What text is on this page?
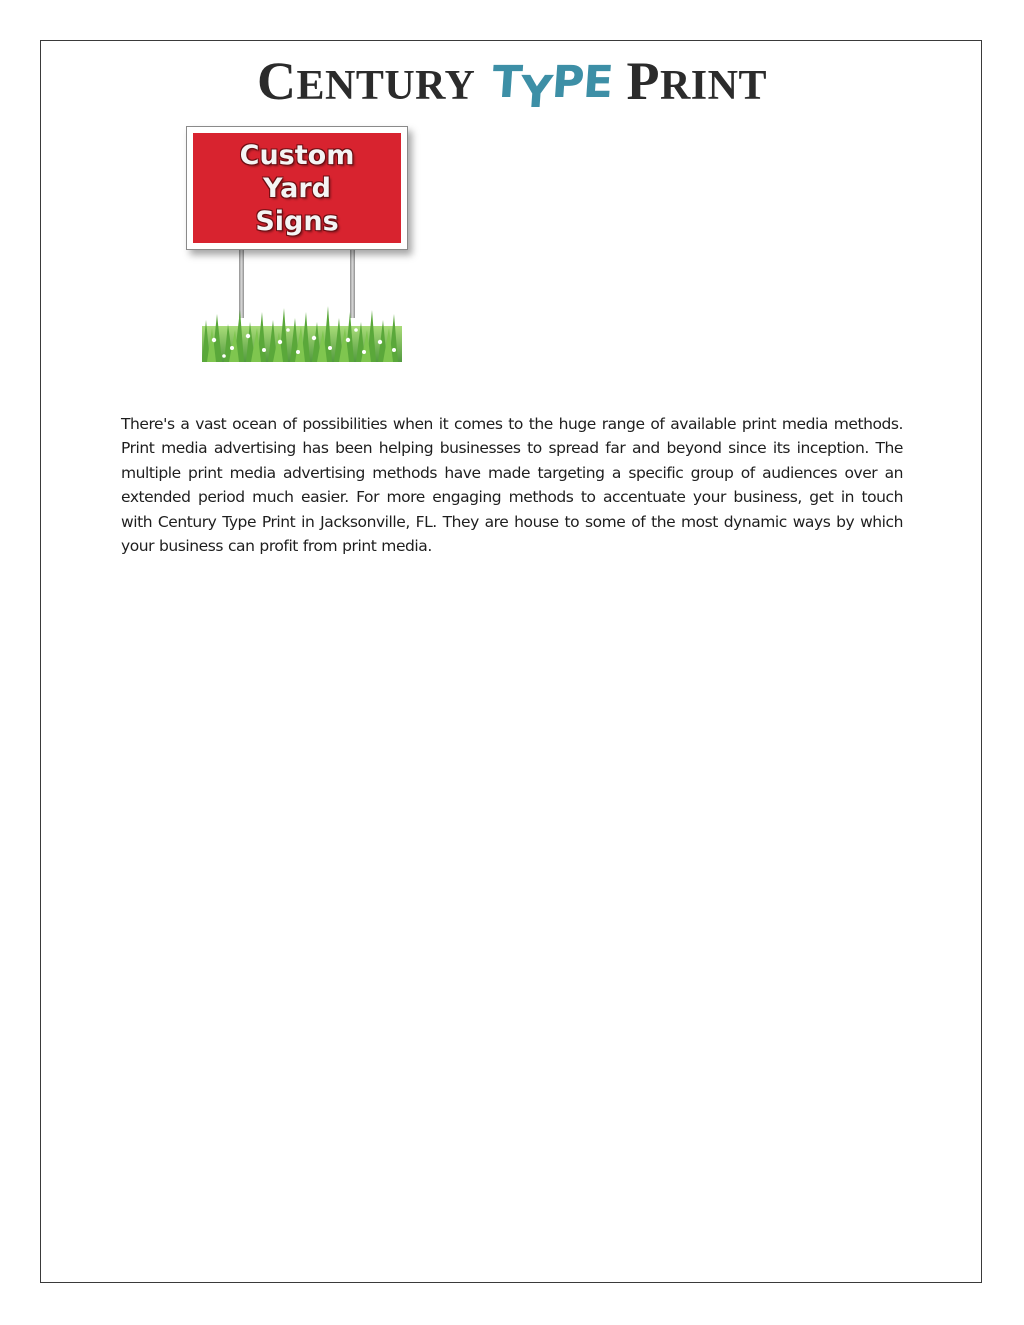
CENTURY TYPE PRINT
Custom
Yard
Signs

There's a vast ocean of possibilities when it comes to the huge range of available print media methods. Print media advertising has been helping businesses to spread far and beyond since its inception. The multiple print media advertising methods have made targeting a specific group of audiences over an extended period much easier. For more engaging methods to accentuate your business, get in touch with Century Type Print in Jacksonville, FL. They are house to some of the most dynamic ways by which your business can profit from print media.
